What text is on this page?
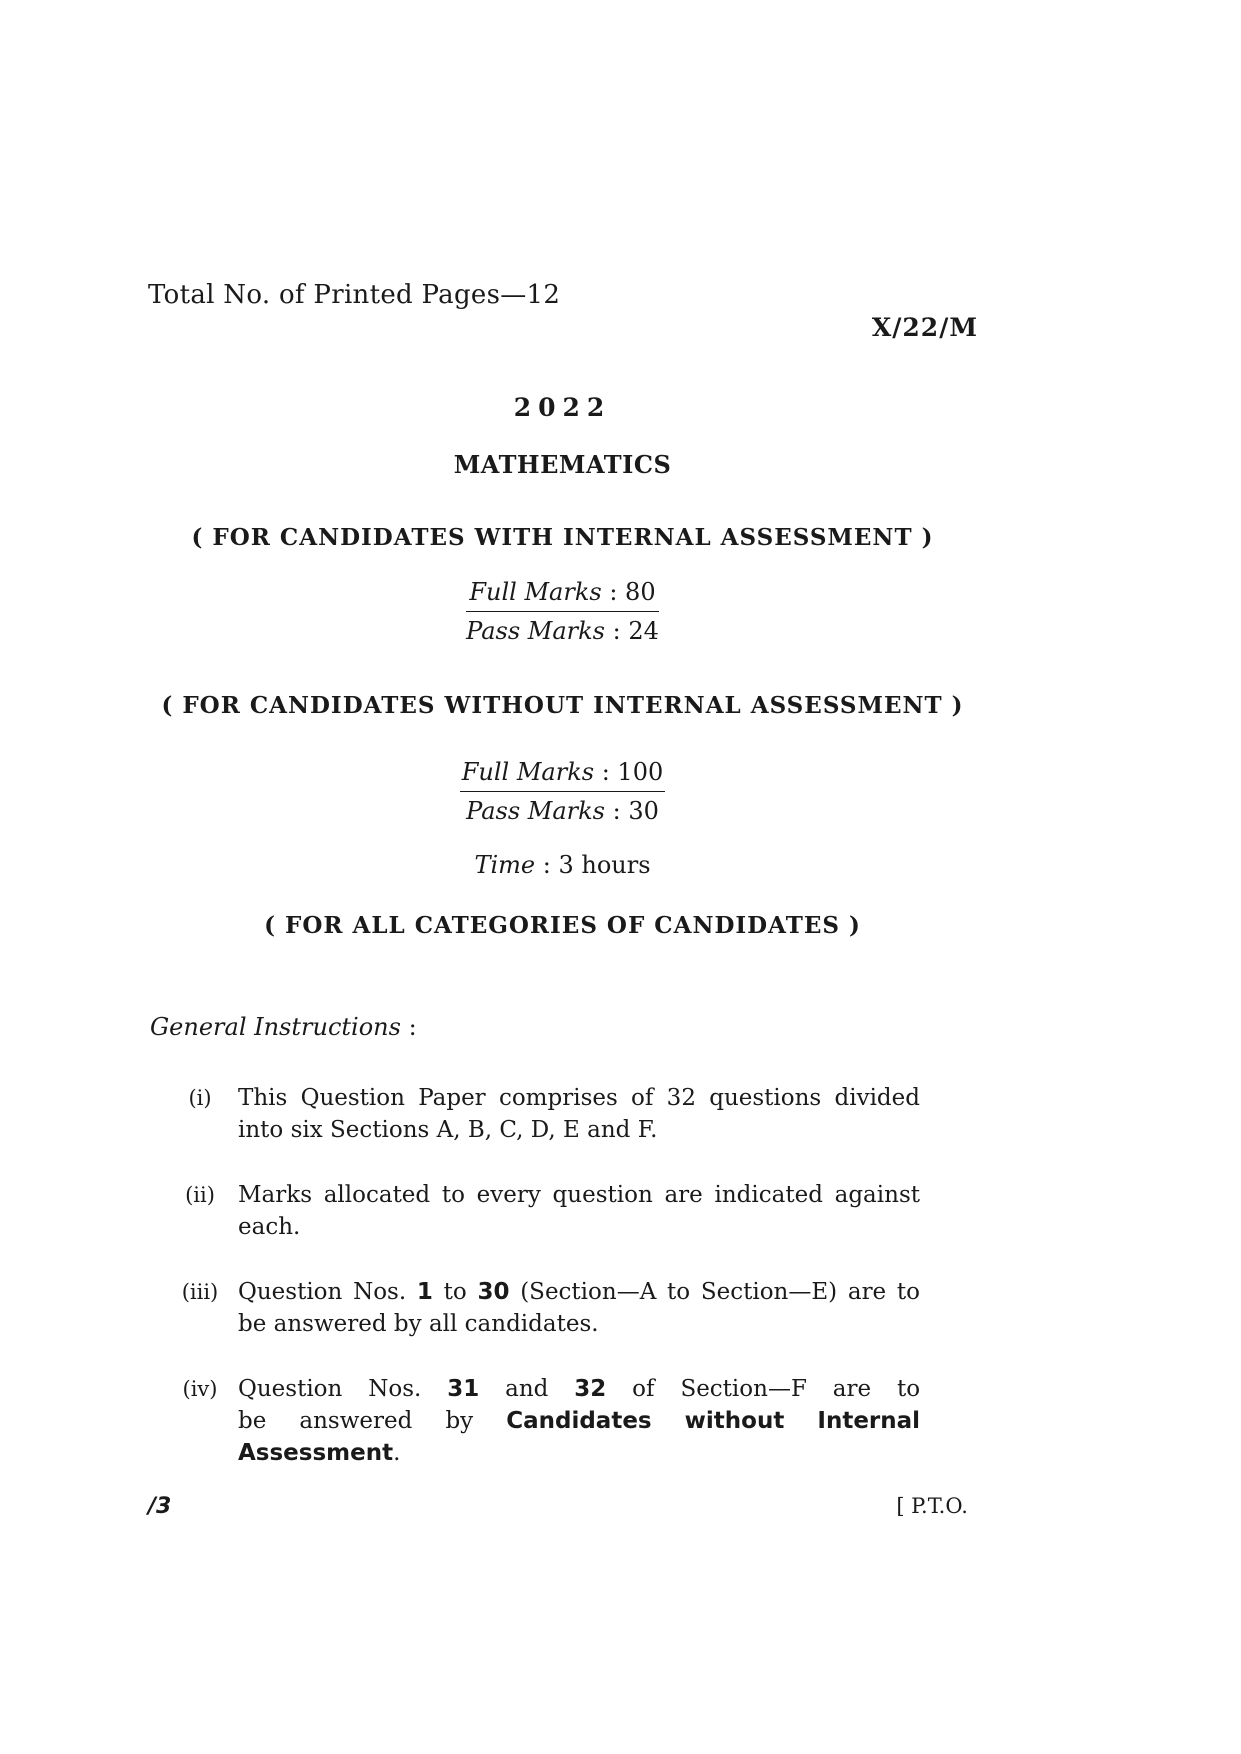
Total No. of Printed Pages—12
X/22/M
2022
MATHEMATICS
( FOR CANDIDATES WITH INTERNAL ASSESSMENT )
Full Marks : 80
Pass Marks : 24
( FOR CANDIDATES WITHOUT INTERNAL ASSESSMENT )
Full Marks : 100
Pass Marks : 30
Time : 3 hours
( FOR ALL CATEGORIES OF CANDIDATES )
General Instructions :
(i)	This Question Paper comprises of 32 questions divided
into six Sections A, B, C, D, E and F.
(ii)	Marks allocated to every question are indicated against
each.
(iii) Question Nos. 1 to 30 (Section—A to Section—E) are to
be answered by all candidates.
(iv) Question Nos. 31 and 32 of Section—F are to
be answered by Candidates without Internal
Assessment.
/3	[ P.T.O.
